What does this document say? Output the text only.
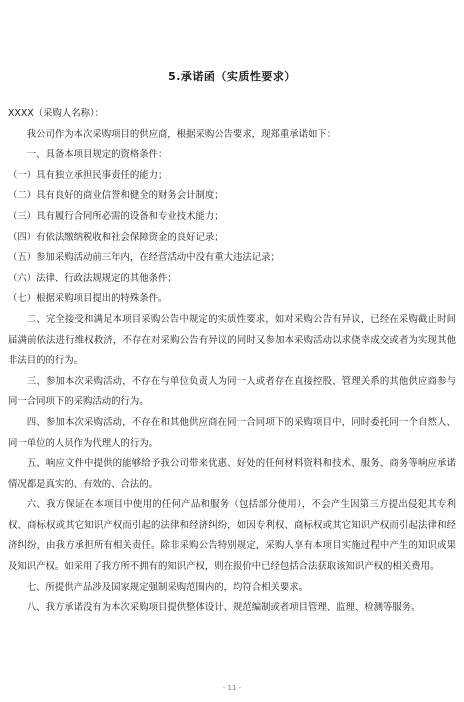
5.承诺函（实质性要求）

XXXX（采购人名称）：

我公司作为本次采购项目的供应商，根据采购公告要求，现郑重承诺如下：

一、具备本项目规定的资格条件：

（一）具有独立承担民事责任的能力；

（二）具有良好的商业信誉和健全的财务会计制度；

（三）具有履行合同所必需的设备和专业技术能力；

（四）有依法缴纳税收和社会保障资金的良好记录；

（五）参加采购活动前三年内，在经营活动中没有重大违法记录；

（六）法律、行政法规规定的其他条件；

（七）根据采购项目提出的特殊条件。

二、完全接受和满足本项目采购公告中规定的实质性要求，如对采购公告有异议，已经在采购截止时间届满前依法进行维权救济，不存在对采购公告有异议的同时又参加本采购活动以求侥幸成交或者为实现其他非法目的的行为。

三、参加本次采购活动，不存在与单位负责人为同一人或者存在直接控股、管理关系的其他供应商参与同一合同项下的采购活动的行为。

四、参加本次采购活动，不存在和其他供应商在同一合同项下的采购项目中，同时委托同一个自然人、同一单位的人员作为代理人的行为。

五、响应文件中提供的能够给予我公司带来优惠、好处的任何材料资料和技术、服务、商务等响应承诺情况都是真实的、有效的、合法的。

六、我方保证在本项目中使用的任何产品和服务（包括部分使用），不会产生因第三方提出侵犯其专利权、商标权或其它知识产权而引起的法律和经济纠纷，如因专利权、商标权或其它知识产权而引起法律和经济纠纷，由我方承担所有相关责任。除非采购公告特别规定，采购人享有本项目实施过程中产生的知识成果及知识产权。如采用了我方所不拥有的知识产权，则在报价中已经包括合法获取该知识产权的相关费用。

七、所提供产品涉及国家规定强制采购范围内的，均符合相关要求。

八、我方承诺没有为本次采购项目提供整体设计、规范编制或者项目管理、监理、检测等服务。

- 11 -
